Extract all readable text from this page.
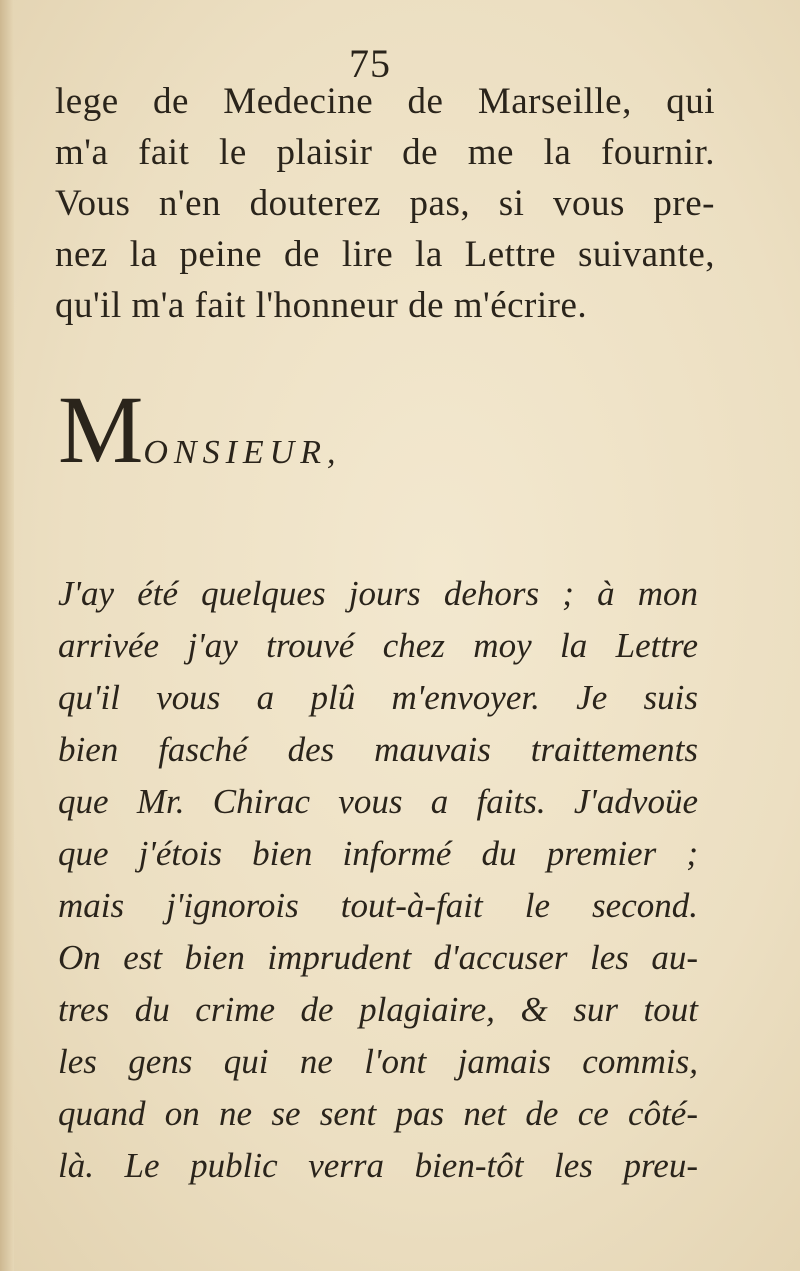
75
lege de Medecine de Marseille, qui
m'a fait le plaisir de me la fournir.
Vous n'en douterez pas, si vous pre-
nez la peine de lire la Lettre suivante,
qu'il m'a fait l'honneur de m'écrire.
MONSIEUR,
J'ay été quelques jours dehors ; à mon
arrivée j'ay trouvé chez moy la Lettre
qu'il vous a plû m'envoyer. Je suis
bien fasché des mauvais traittements
que Mr. Chirac vous a faits. J'advoüe
que j'étois bien informé du premier ;
mais j'ignorois tout-à-fait le second.
On est bien imprudent d'accuser les au-
tres du crime de plagiaire, & sur tout
les gens qui ne l'ont jamais commis,
quand on ne se sent pas net de ce côté-
là. Le public verra bien-tôt les preu-
